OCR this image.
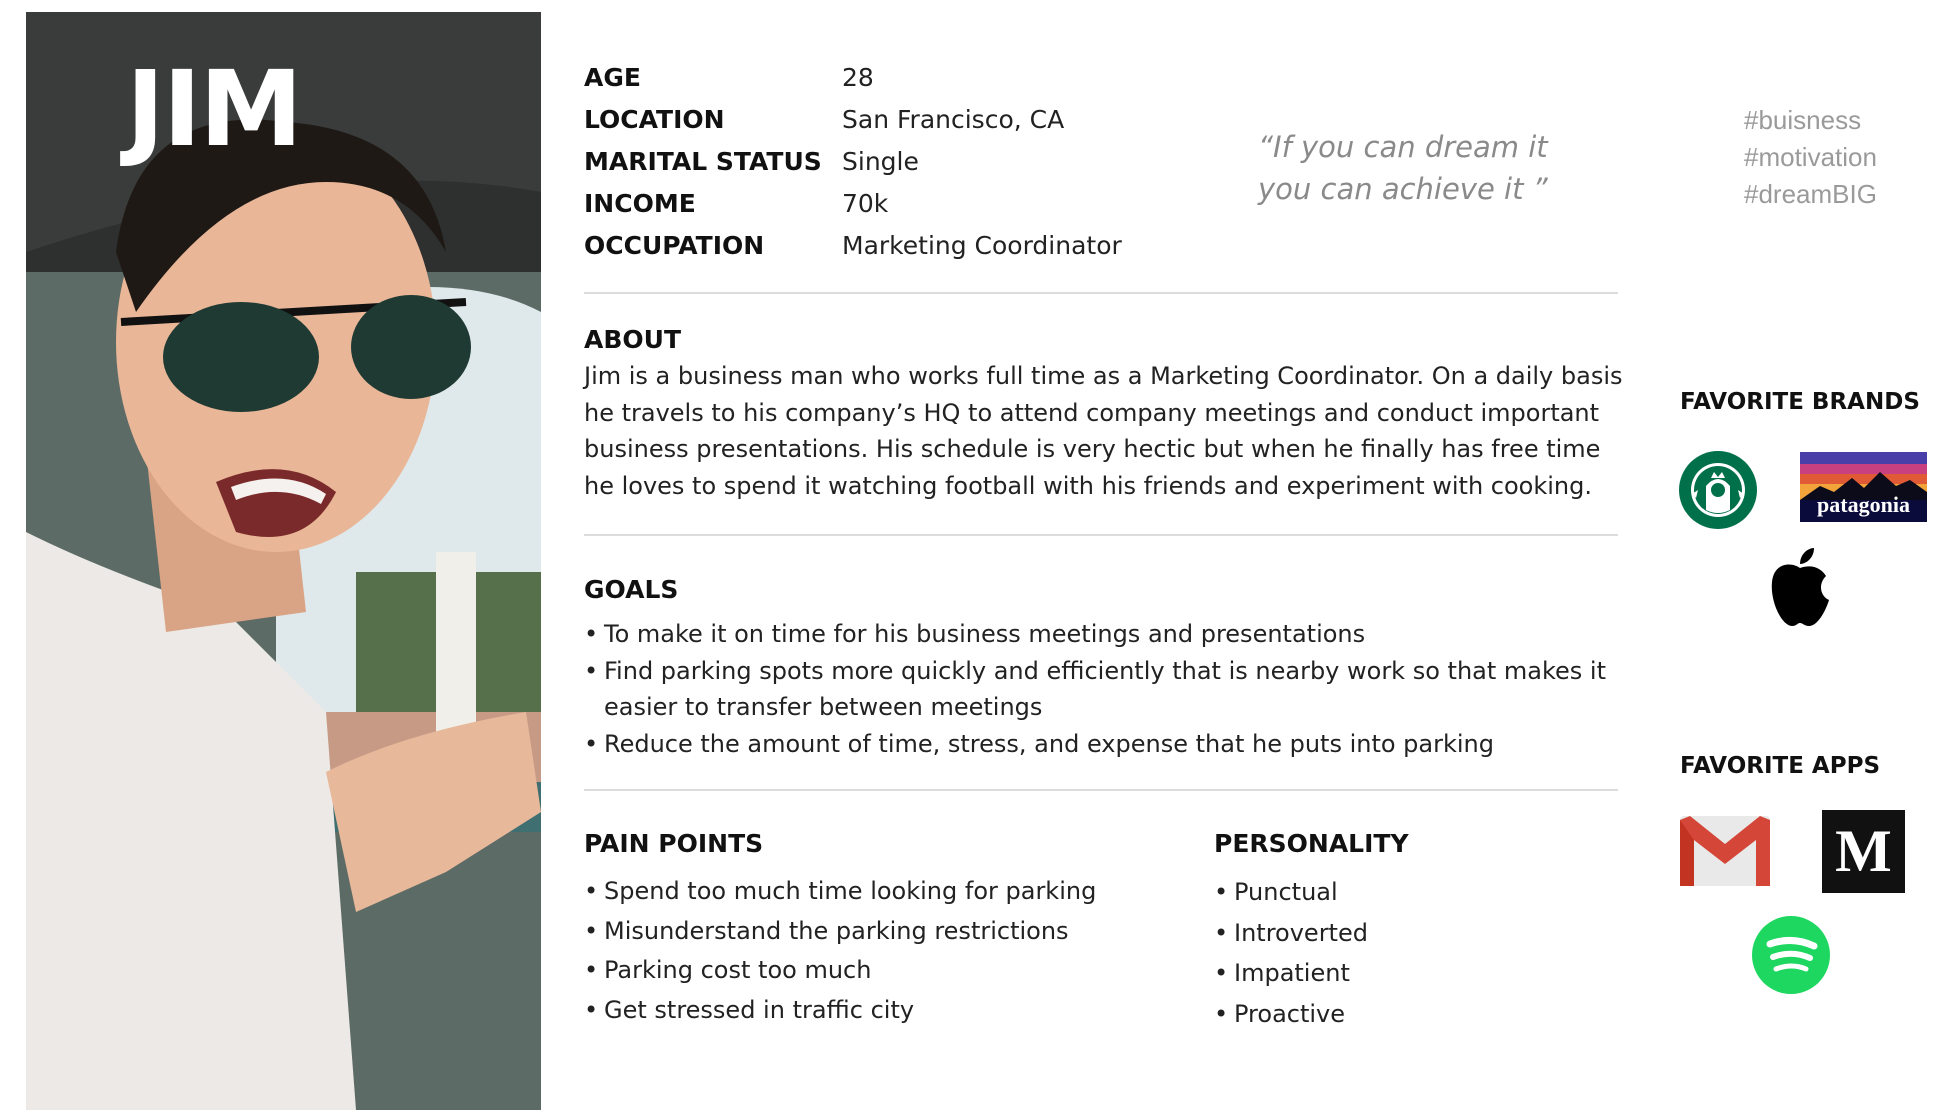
JIM	AGE	28
LOCATION	San Francisco, CA
MARITAL STATUS Single
INCOME	70k
OCCUPATION	Marketing Coordinator
“If you can dream it
you can achieve it ”
#buisness
#motivation
#dreamBIG
ABOUT
Jim is a business man who works full time as a Marketing Coordinator. On a daily basis he travels to his company’s HQ to attend company meetings and conduct important business presentations. His schedule is very hectic but when he finally has free time he loves to spend it watching football with his friends and experiment with cooking.
GOALS
• To make it on time for his business meetings and presentations
• Find parking spots more quickly and efficiently that is nearby work so that makes it easier to transfer between meetings
• Reduce the amount of time, stress, and expense that he puts into parking
PAIN POINTS
• Spend too much time looking for parking
• Misunderstand the parking restrictions
• Parking cost too much
• Get stressed in traffic city
PERSONALITY
• Punctual
• Introverted
• Impatient
• Proactive
FAVORITE BRANDS
patagonia
FAVORITE APPS
M
